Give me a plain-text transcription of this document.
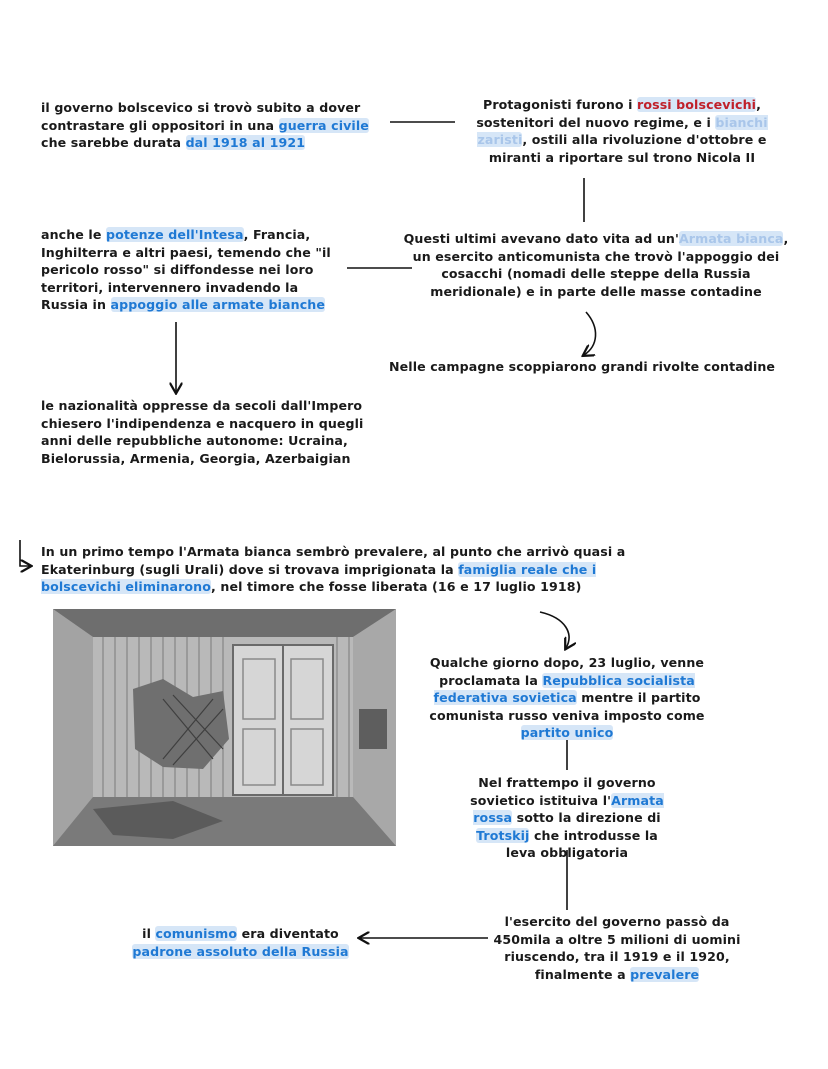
il governo bolscevico si trovò subito a dover contrastare gli oppositori in una guerra civile che sarebbe durata dal 1918 al 1921
Protagonisti furono i rossi bolscevichi, sostenitori del nuovo regime, e i bianchi zaristi, ostili alla rivoluzione d'ottobre e miranti a riportare sul trono Nicola II
anche le potenze dell'Intesa, Francia, Inghilterra e altri paesi, temendo che "il pericolo rosso" si diffondesse nei loro territori, intervennero invadendo la Russia in appoggio alle armate bianche
Questi ultimi avevano dato vita ad un'Armata bianca, un esercito anticomunista che trovò l'appoggio dei cosacchi (nomadi delle steppe della Russia meridionale) e in parte delle masse contadine
Nelle campagne scoppiarono grandi rivolte contadine
le nazionalità oppresse da secoli dall'Impero chiesero l'indipendenza e nacquero in quegli anni delle repubbliche autonome: Ucraina, Bielorussia, Armenia, Georgia, Azerbaigian
In un primo tempo l'Armata bianca sembrò prevalere, al punto che arrivò quasi a Ekaterinburg (sugli Urali) dove si trovava imprigionata la famiglia reale che i bolscevichi eliminarono, nel timore che fosse liberata (16 e 17 luglio 1918)
Qualche giorno dopo, 23 luglio, venne proclamata la Repubblica socialista federativa sovietica mentre il partito comunista russo veniva imposto come partito unico
Nel frattempo il governo sovietico istituiva l'Armata rossa sotto la direzione di Trotskij che introdusse la leva obbligatoria
l'esercito del governo passò da 450mila a oltre 5 milioni di uomini riuscendo, tra il 1919 e il 1920, finalmente a prevalere
il comunismo era diventato padrone assoluto della Russia
